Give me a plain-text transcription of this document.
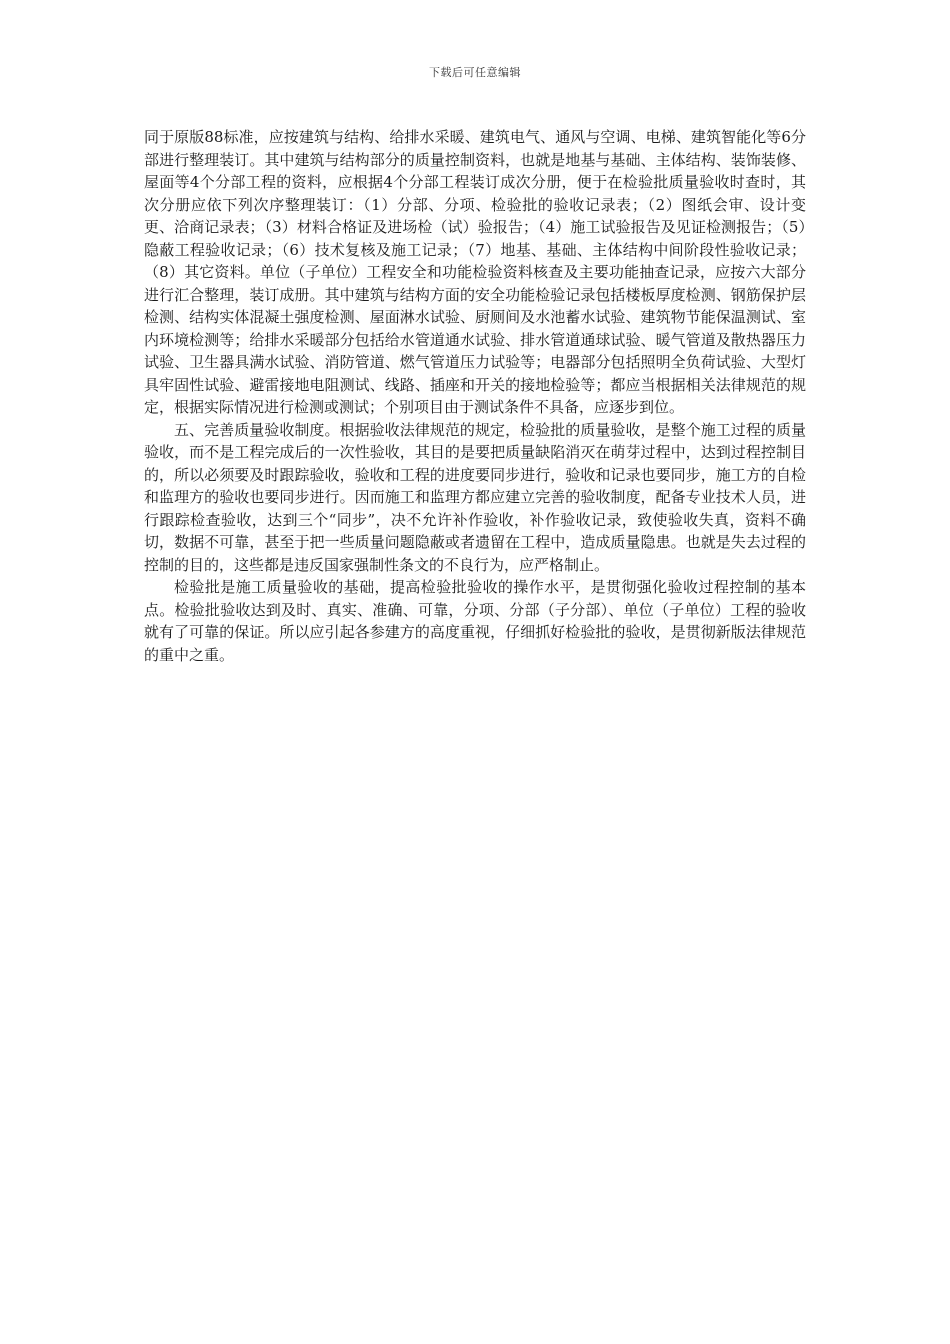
下载后可任意编辑

同于原版88标准，应按建筑与结构、给排水采暖、建筑电气、通风与空调、电梯、建筑智能化等6分部进行整理装订。其中建筑与结构部分的质量控制资料，也就是地基与基础、主体结构、装饰装修、屋面等4个分部工程的资料，应根据4个分部工程装订成次分册，便于在检验批质量验收时查时，其次分册应依下列次序整理装订：（1）分部、分项、检验批的验收记录表；（2）图纸会审、设计变更、洽商记录表；（3）材料合格证及进场检（试）验报告；（4）施工试验报告及见证检测报告；（5）隐蔽工程验收记录；（6）技术复核及施工记录；（7）地基、基础、主体结构中间阶段性验收记录；（8）其它资料。单位（子单位）工程安全和功能检验资料核查及主要功能抽查记录，应按六大部分进行汇合整理，装订成册。其中建筑与结构方面的安全功能检验记录包括楼板厚度检测、钢筋保护层检测、结构实体混凝土强度检测、屋面淋水试验、厨厕间及水池蓄水试验、建筑物节能保温测试、室内环境检测等；给排水采暖部分包括给水管道通水试验、排水管道通球试验、暖气管道及散热器压力试验、卫生器具满水试验、消防管道、燃气管道压力试验等；电器部分包括照明全负荷试验、大型灯具牢固性试验、避雷接地电阻测试、线路、插座和开关的接地检验等；都应当根据相关法律规范的规定，根据实际情况进行检测或测试；个别项目由于测试条件不具备，应逐步到位。

五、完善质量验收制度。根据验收法律规范的规定，检验批的质量验收，是整个施工过程的质量验收，而不是工程完成后的一次性验收，其目的是要把质量缺陷消灭在萌芽过程中，达到过程控制目的，所以必须要及时跟踪验收，验收和工程的进度要同步进行，验收和记录也要同步，施工方的自检和监理方的验收也要同步进行。因而施工和监理方都应建立完善的验收制度，配备专业技术人员，进行跟踪检查验收，达到三个“同步”，决不允许补作验收，补作验收记录，致使验收失真，资料不确切，数据不可靠，甚至于把一些质量问题隐蔽或者遗留在工程中，造成质量隐患。也就是失去过程的控制的目的，这些都是违反国家强制性条文的不良行为，应严格制止。

检验批是施工质量验收的基础，提高检验批验收的操作水平，是贯彻强化验收过程控制的基本点。检验批验收达到及时、真实、准确、可靠，分项、分部（子分部）、单位（子单位）工程的验收就有了可靠的保证。所以应引起各参建方的高度重视，仔细抓好检验批的验收，是贯彻新版法律规范的重中之重。
